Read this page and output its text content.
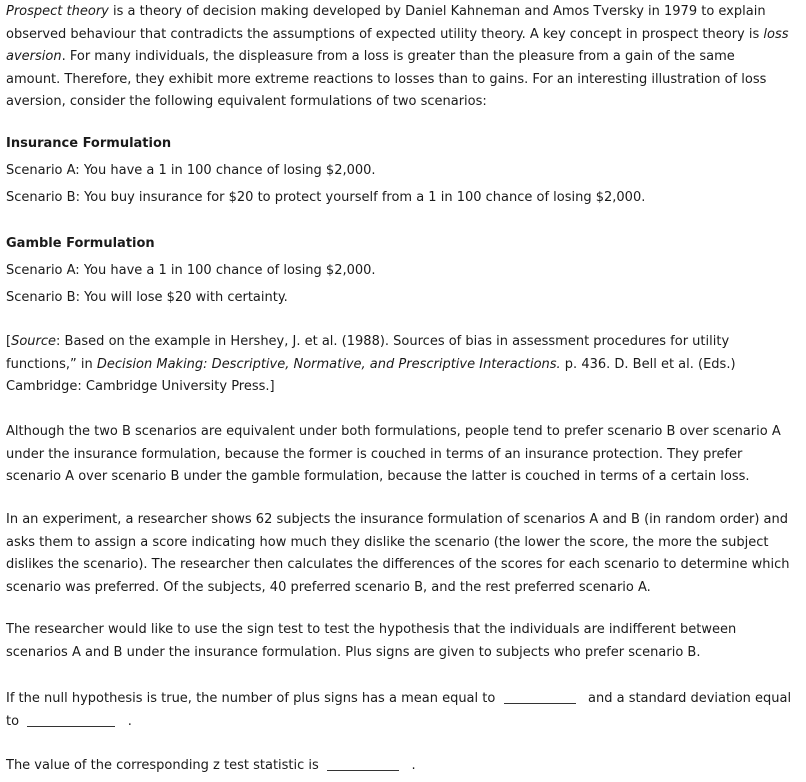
Prospect theory is a theory of decision making developed by Daniel Kahneman and Amos Tversky in 1979 to explain
observed behaviour that contradicts the assumptions of expected utility theory. A key concept in prospect theory is loss
aversion. For many individuals, the displeasure from a loss is greater than the pleasure from a gain of the same
amount. Therefore, they exhibit more extreme reactions to losses than to gains. For an interesting illustration of loss
aversion, consider the following equivalent formulations of two scenarios:
Insurance Formulation
Scenario A: You have a 1 in 100 chance of losing $2,000.
Scenario B: You buy insurance for $20 to protect yourself from a 1 in 100 chance of losing $2,000.
Gamble Formulation
Scenario A: You have a 1 in 100 chance of losing $2,000.
Scenario B: You will lose $20 with certainty.
[Source: Based on the example in Hershey, J. et al. (1988). Sources of bias in assessment procedures for utility
functions,” in Decision Making: Descriptive, Normative, and Prescriptive Interactions. p. 436. D. Bell et al. (Eds.)
Cambridge: Cambridge University Press.]
Although the two B scenarios are equivalent under both formulations, people tend to prefer scenario B over scenario A
under the insurance formulation, because the former is couched in terms of an insurance protection. They prefer
scenario A over scenario B under the gamble formulation, because the latter is couched in terms of a certain loss.
In an experiment, a researcher shows 62 subjects the insurance formulation of scenarios A and B (in random order) and
asks them to assign a score indicating how much they dislike the scenario (the lower the score, the more the subject
dislikes the scenario). The researcher then calculates the differences of the scores for each scenario to determine which
scenario was preferred. Of the subjects, 40 preferred scenario B, and the rest preferred scenario A.
The researcher would like to use the sign test to test the hypothesis that the individuals are indifferent between
scenarios A and B under the insurance formulation. Plus signs are given to subjects who prefer scenario B.
If the null hypothesis is true, the number of plus signs has a mean equal to	and a standard deviation equal
to	.
The value of the corresponding z test statistic is	.
